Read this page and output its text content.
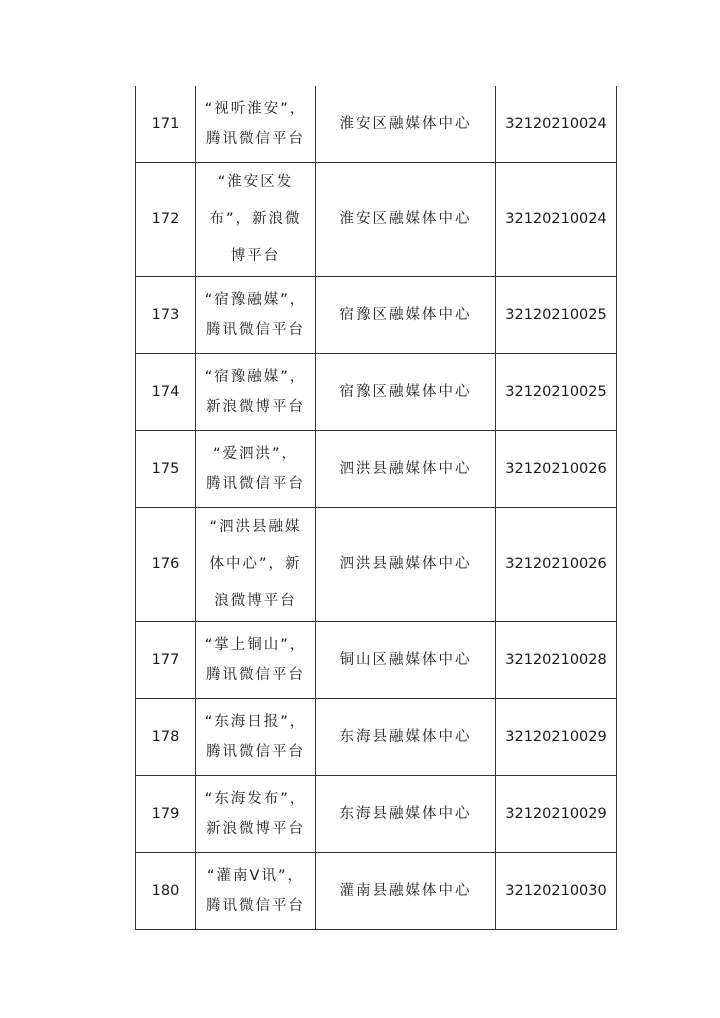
171	“视听淮安”，
腾讯微信平台	淮安区融媒体中心	32120210024
172	“淮安区发
布”，新浪微
博平台	淮安区融媒体中心	32120210024
173	“宿豫融媒”，
腾讯微信平台	宿豫区融媒体中心	32120210025
174	“宿豫融媒”，
新浪微博平台	宿豫区融媒体中心	32120210025
175	“爱泗洪”，
腾讯微信平台	泗洪县融媒体中心	32120210026
176	“泗洪县融媒
体中心”，新
浪微博平台	泗洪县融媒体中心	32120210026
177	“掌上铜山”，
腾讯微信平台	铜山区融媒体中心	32120210028
178	“东海日报”，
腾讯微信平台	东海县融媒体中心	32120210029
179	“东海发布”，
新浪微博平台	东海县融媒体中心	32120210029
180	“灌南V讯”，
腾讯微信平台	灌南县融媒体中心	32120210030
